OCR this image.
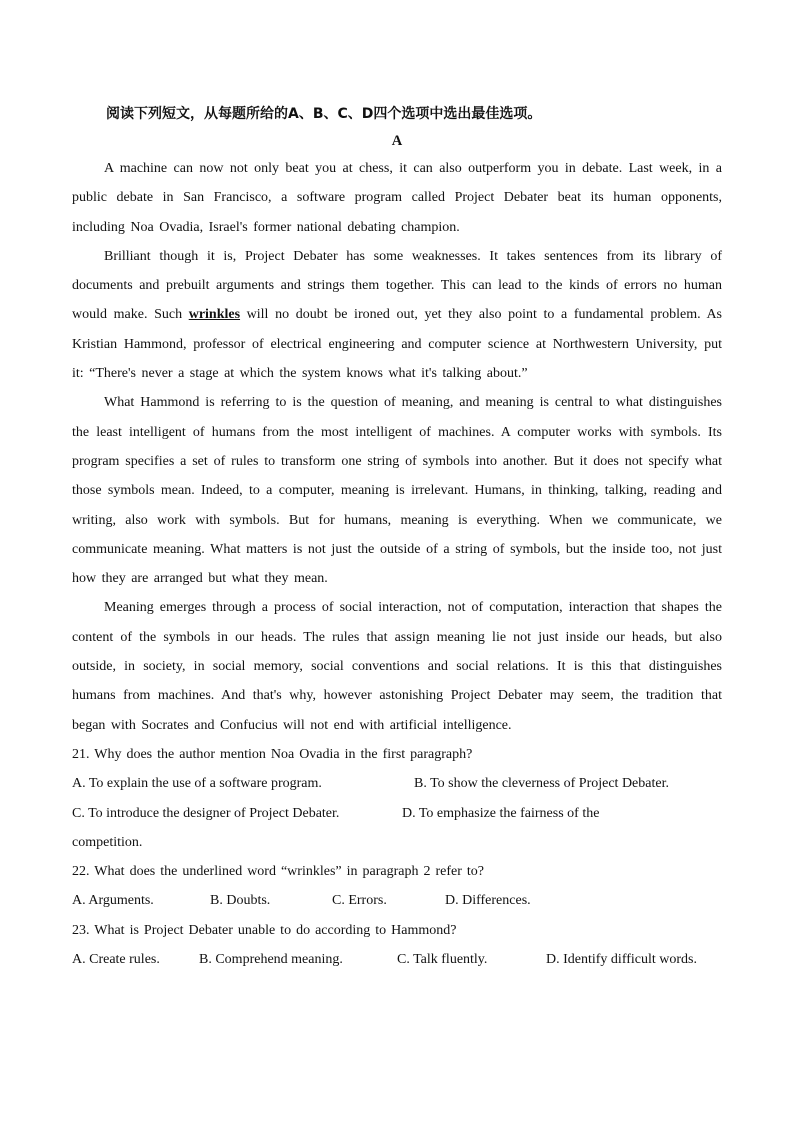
阅读下列短文，从每题所给的A、B、C、D四个选项中选出最佳选项。
A

A machine can now not only beat you at chess, it can also outperform you in debate. Last week, in a public debate in San Francisco, a software program called Project Debater beat its human opponents, including Noa Ovadia, Israel's former national debating champion.

Brilliant though it is, Project Debater has some weaknesses. It takes sentences from its library of documents and prebuilt arguments and strings them together. This can lead to the kinds of errors no human would make. Such wrinkles will no doubt be ironed out, yet they also point to a fundamental problem. As Kristian Hammond, professor of electrical engineering and computer science at Northwestern University, put it: “There's never a stage at which the system knows what it's talking about.”

What Hammond is referring to is the question of meaning, and meaning is central to what distinguishes the least intelligent of humans from the most intelligent of machines. A computer works with symbols. Its program specifies a set of rules to transform one string of symbols into another. But it does not specify what those symbols mean. Indeed, to a computer, meaning is irrelevant. Humans, in thinking, talking, reading and writing, also work with symbols. But for humans, meaning is everything. When we communicate, we communicate meaning. What matters is not just the outside of a string of symbols, but the inside too, not just how they are arranged but what they mean.

Meaning emerges through a process of social interaction, not of computation, interaction that shapes the content of the symbols in our heads. The rules that assign meaning lie not just inside our heads, but also outside, in society, in social memory, social conventions and social relations. It is this that distinguishes humans from machines. And that's why, however astonishing Project Debater may seem, the tradition that began with Socrates and Confucius will not end with artificial intelligence.

21. Why does the author mention Noa Ovadia in the first paragraph?

A. To explain the use of a software program.	B. To show the cleverness of Project Debater.
C. To introduce the designer of Project Debater.	D. To emphasize the fairness of the

competition.

22. What does the underlined word “wrinkles” in paragraph 2 refer to?

A. Arguments.	B. Doubts.	C. Errors.	D. Differences.

23. What is Project Debater unable to do according to Hammond?

A. Create rules.	B. Comprehend meaning.	C. Talk fluently.	D. Identify difficult words.
